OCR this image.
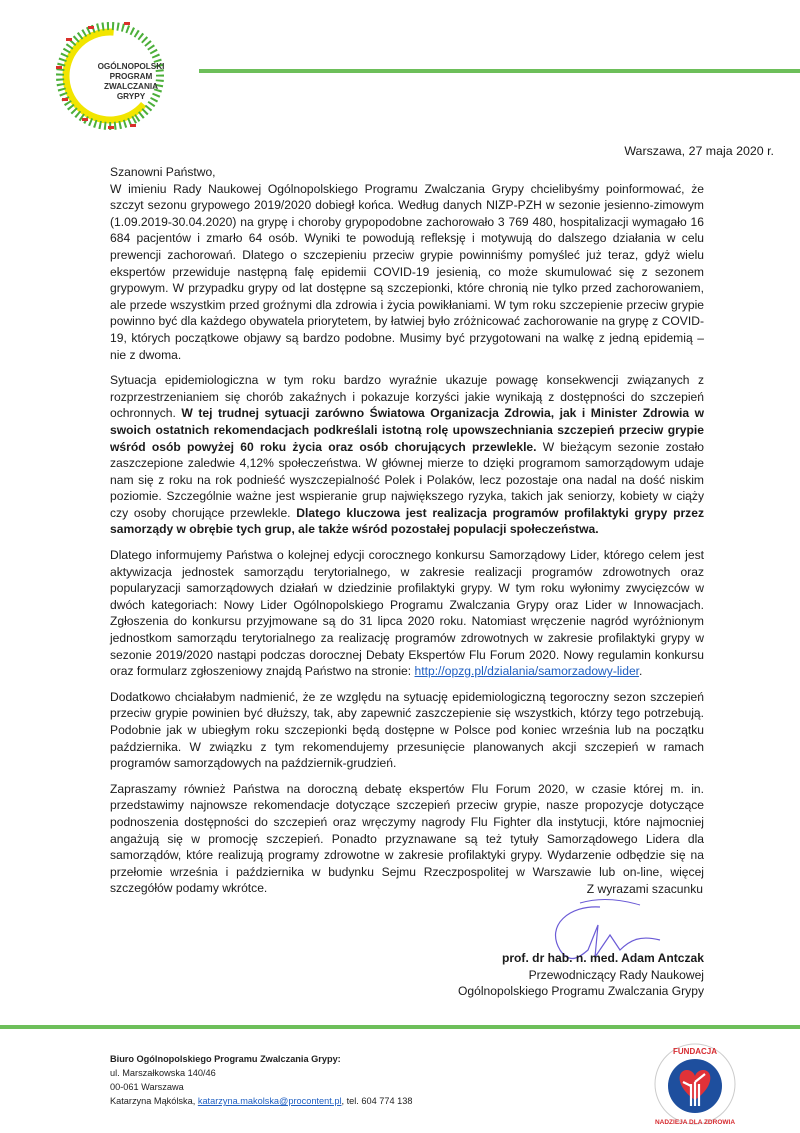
OGÓLNOPOLSKI
PROGRAM
ZWALCZANIA
GRYPY
Warszawa, 27 maja 2020 r.
Szanowni Państwo,

W imieniu Rady Naukowej Ogólnopolskiego Programu Zwalczania Grypy chcielibyśmy poinformować, że szczyt sezonu grypowego 2019/2020 dobiegł końca. Według danych NIZP-PZH w sezonie jesienno-zimowym (1.09.2019-30.04.2020) na grypę i choroby grypopodobne zachorowało 3 769 480, hospitalizacji wymagało 16 684 pacjentów i zmarło 64 osób. Wyniki te powodują refleksję i motywują do dalszego działania w celu prewencji zachorowań. Dlatego o szczepieniu przeciw grypie powinniśmy pomyśleć już teraz, gdyż wielu ekspertów przewiduje następną falę epidemii COVID-19 jesienią, co może skumulować się z sezonem grypowym. W przypadku grypy od lat dostępne są szczepionki, które chronią nie tylko przed zachorowaniem, ale przede wszystkim przed groźnymi dla zdrowia i życia powikłaniami. W tym roku szczepienie przeciw grypie powinno być dla każdego obywatela priorytetem, by łatwiej było zróżnicować zachorowanie na grypę z COVID-19, których początkowe objawy są bardzo podobne. Musimy być przygotowani na walkę z jedną epidemią – nie z dwoma.

Sytuacja epidemiologiczna w tym roku bardzo wyraźnie ukazuje powagę konsekwencji związanych z rozprzestrzenianiem się chorób zakaźnych i pokazuje korzyści jakie wynikają z dostępności do szczepień ochronnych. W tej trudnej sytuacji zarówno Światowa Organizacja Zdrowia, jak i Minister Zdrowia w swoich ostatnich rekomendacjach podkreślali istotną rolę upowszechniania szczepień przeciw grypie wśród osób powyżej 60 roku życia oraz osób chorujących przewlekle. W bieżącym sezonie zostało zaszczepione zaledwie 4,12% społeczeństwa. W głównej mierze to dzięki programom samorządowym udaje nam się z roku na rok podnieść wyszczepialność Polek i Polaków, lecz pozostaje ona nadal na dość niskim poziomie. Szczególnie ważne jest wspieranie grup największego ryzyka, takich jak seniorzy, kobiety w ciąży czy osoby chorujące przewlekle. Dlatego kluczowa jest realizacja programów profilaktyki grypy przez samorządy w obrębie tych grup, ale także wśród pozostałej populacji społeczeństwa.

Dlatego informujemy Państwa o kolejnej edycji corocznego konkursu Samorządowy Lider, którego celem jest aktywizacja jednostek samorządu terytorialnego, w zakresie realizacji programów zdrowotnych oraz popularyzacji samorządowych działań w dziedzinie profilaktyki grypy. W tym roku wyłonimy zwycięzców w dwóch kategoriach: Nowy Lider Ogólnopolskiego Programu Zwalczania Grypy oraz Lider w Innowacjach. Zgłoszenia do konkursu przyjmowane są do 31 lipca 2020 roku. Natomiast wręczenie nagród wyróżnionym jednostkom samorządu terytorialnego za realizację programów zdrowotnych w zakresie profilaktyki grypy w sezonie 2019/2020 nastąpi podczas dorocznej Debaty Ekspertów Flu Forum 2020. Nowy regulamin konkursu oraz formularz zgłoszeniowy znajdą Państwo na stronie: http://opzg.pl/dzialania/samorzadowy-lider.

Dodatkowo chciałabym nadmienić, że ze względu na sytuację epidemiologiczną tegoroczny sezon szczepień przeciw grypie powinien być dłuższy, tak, aby zapewnić zaszczepienie się wszystkich, którzy tego potrzebują. Podobnie jak w ubiegłym roku szczepionki będą dostępne w Polsce pod koniec września lub na początku października. W związku z tym rekomendujemy przesunięcie planowanych akcji szczepień w ramach programów samorządowych na październik-grudzień.

Zapraszamy również Państwa na doroczną debatę ekspertów Flu Forum 2020, w czasie której m. in. przedstawimy najnowsze rekomendacje dotyczące szczepień przeciw grypie, nasze propozycje dotyczące podnoszenia dostępności do szczepień oraz wręczymy nagrody Flu Fighter dla instytucji, które najmocniej angażują się w promocję szczepień. Ponadto przyznawane są też tytuły Samorządowego Lidera dla samorządów, które realizują programy zdrowotne w zakresie profilaktyki grypy. Wydarzenie odbędzie się na przełomie września i października w budynku Sejmu Rzeczpospolitej w Warszawie lub on-line, więcej szczegółów podamy wkrótce.	Z wyrazami szacunku
prof. dr hab. n. med. Adam Antczak
Przewodniczący Rady Naukowej
Ogólnopolskiego Programu Zwalczania Grypy
Biuro Ogólnopolskiego Programu Zwalczania Grypy:
ul. Marszałkowska 140/46
00-061 Warszawa
Katarzyna Mąkólska, katarzyna.makolska@procontent.pl, tel. 604 774 138
FUNDACJA
NADZIEJA DLA ZDROWIA
